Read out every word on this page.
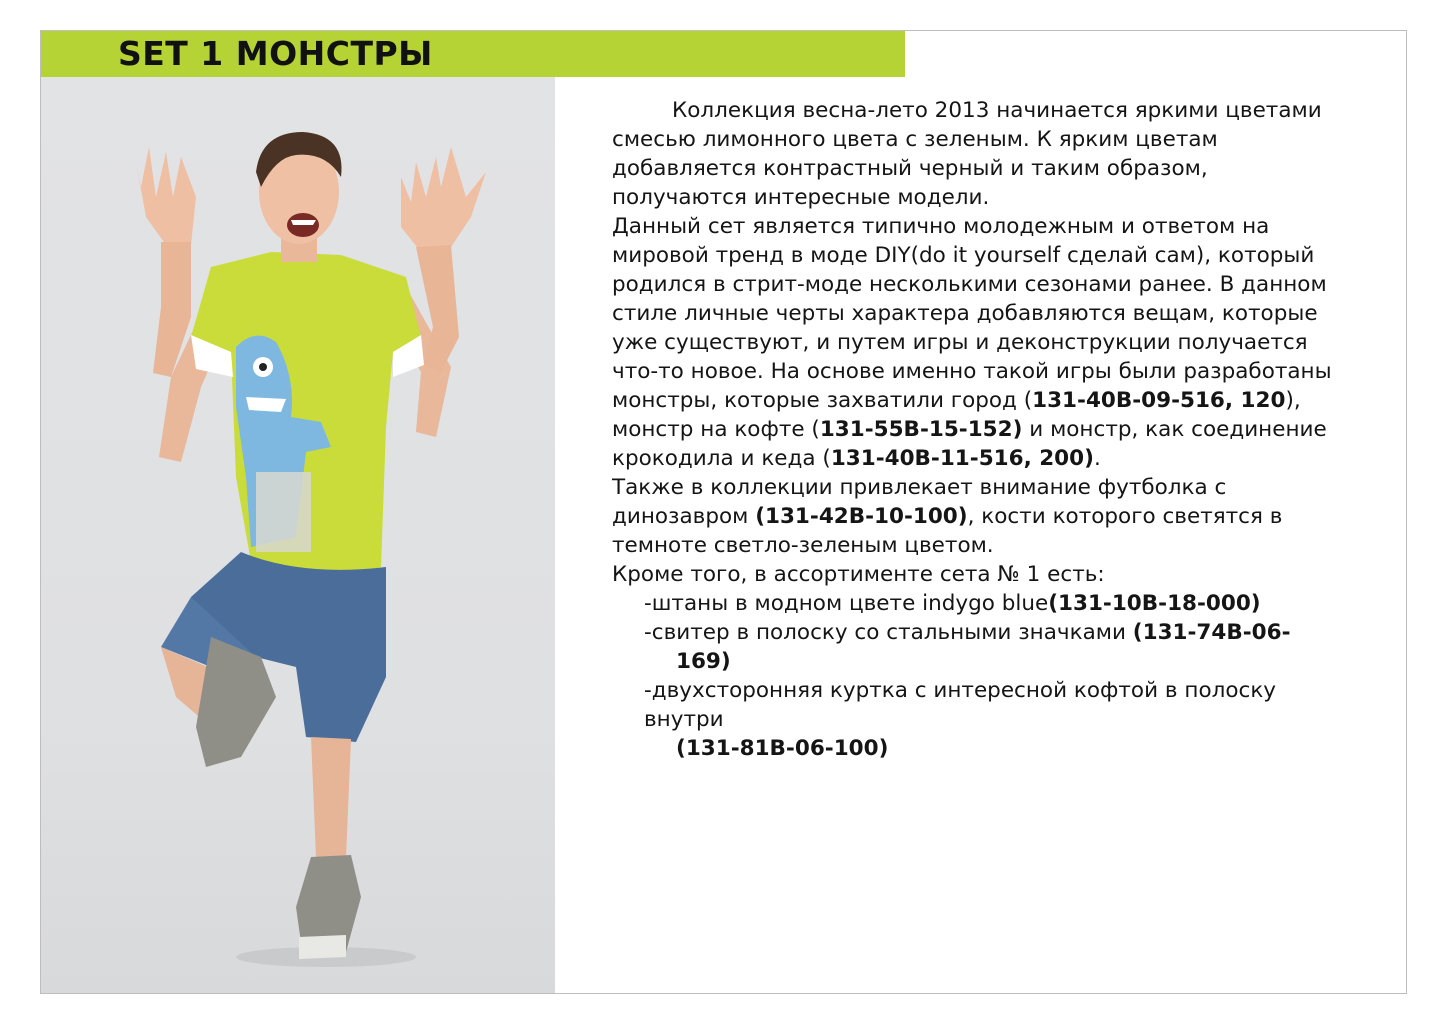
SET 1 МОНСТРЫ

Коллекция весна-лето 2013 начинается яркими цветами смесью лимонного цвета с зеленым. К ярким цветам добавляется контрастный черный и таким образом, получаются интересные модели.

Данный сет является типично молодежным и ответом на мировой тренд в моде DIY(do it yourself сделай сам), который родился в стрит-моде несколькими сезонами ранее. В данном стиле личные черты характера добавляются вещам, которые уже существуют, и путем игры и деконструкции получается что-то новое. На основе именно такой игры были разработаны монстры, которые захватили город (131-40B-09-516, 120), монстр на кофте (131-55B-15-152) и монстр, как соединение крокодила и кеда (131-40B-11-516, 200).

Также в коллекции привлекает внимание футболка с динозавром (131-42B-10-100), кости которого светятся в темноте светло-зеленым цветом.

Кроме того, в ассортименте сета № 1 есть:

-штаны в модном цвете indygo blue(131-10B-18-000)

-свитер в полоску со стальными значками (131-74B-06-
169)

-двухсторонняя куртка с интересной кофтой в полоску внутри
(131-81B-06-100)
